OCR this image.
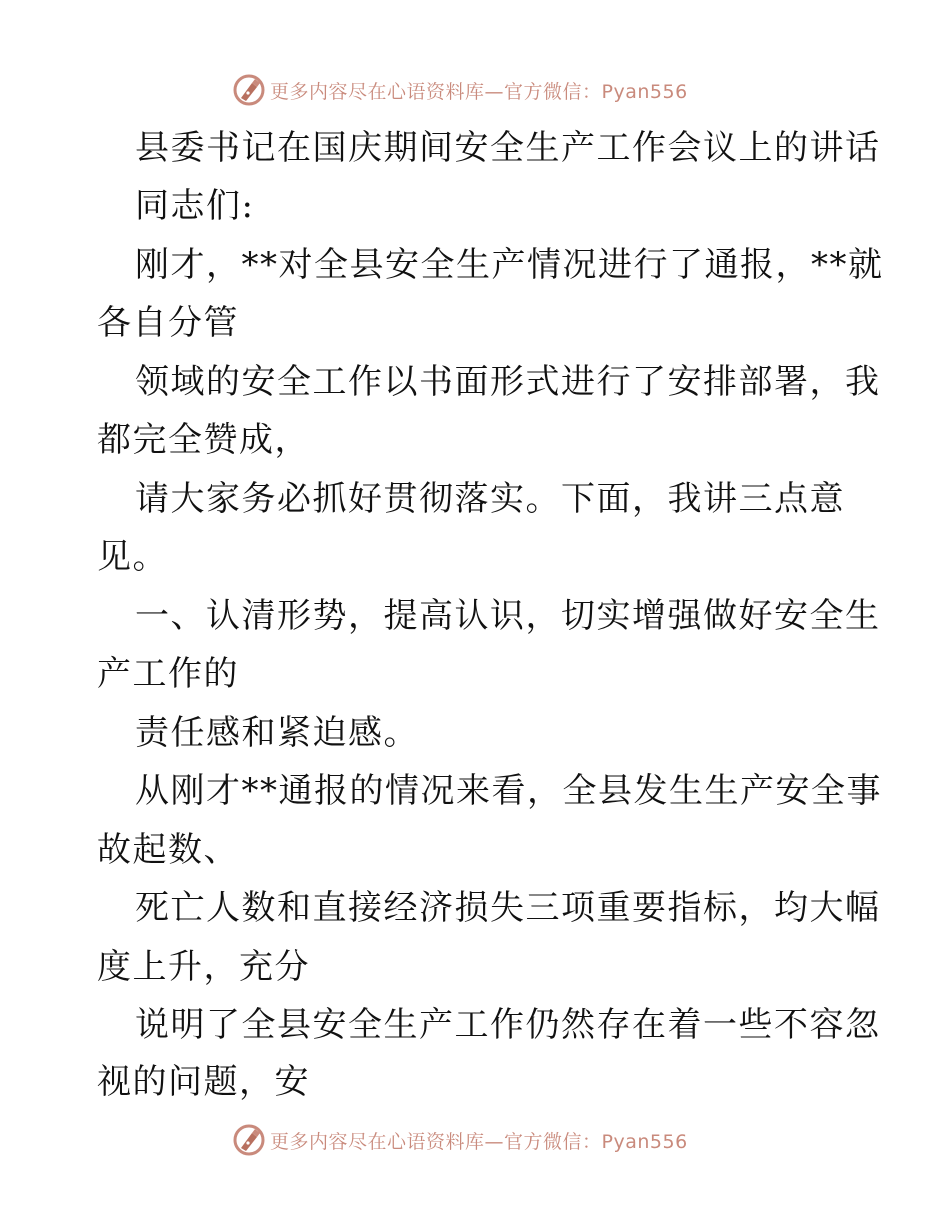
更多内容尽在心语资料库—官方微信：Pyan556
县委书记在国庆期间安全生产工作会议上的讲话
同志们:
刚才，**对全县安全生产情况进行了通报，**就
各自分管
领域的安全工作以书面形式进行了安排部署，我
都完全赞成，
请大家务必抓好贯彻落实。下面，我讲三点意
见。
一、认清形势，提高认识，切实增强做好安全生
产工作的
责任感和紧迫感。
从刚才**通报的情况来看，全县发生生产安全事
故起数、
死亡人数和直接经济损失三项重要指标，均大幅
度上升，充分
说明了全县安全生产工作仍然存在着一些不容忽
视的问题，安
更多内容尽在心语资料库—官方微信：Pyan556
